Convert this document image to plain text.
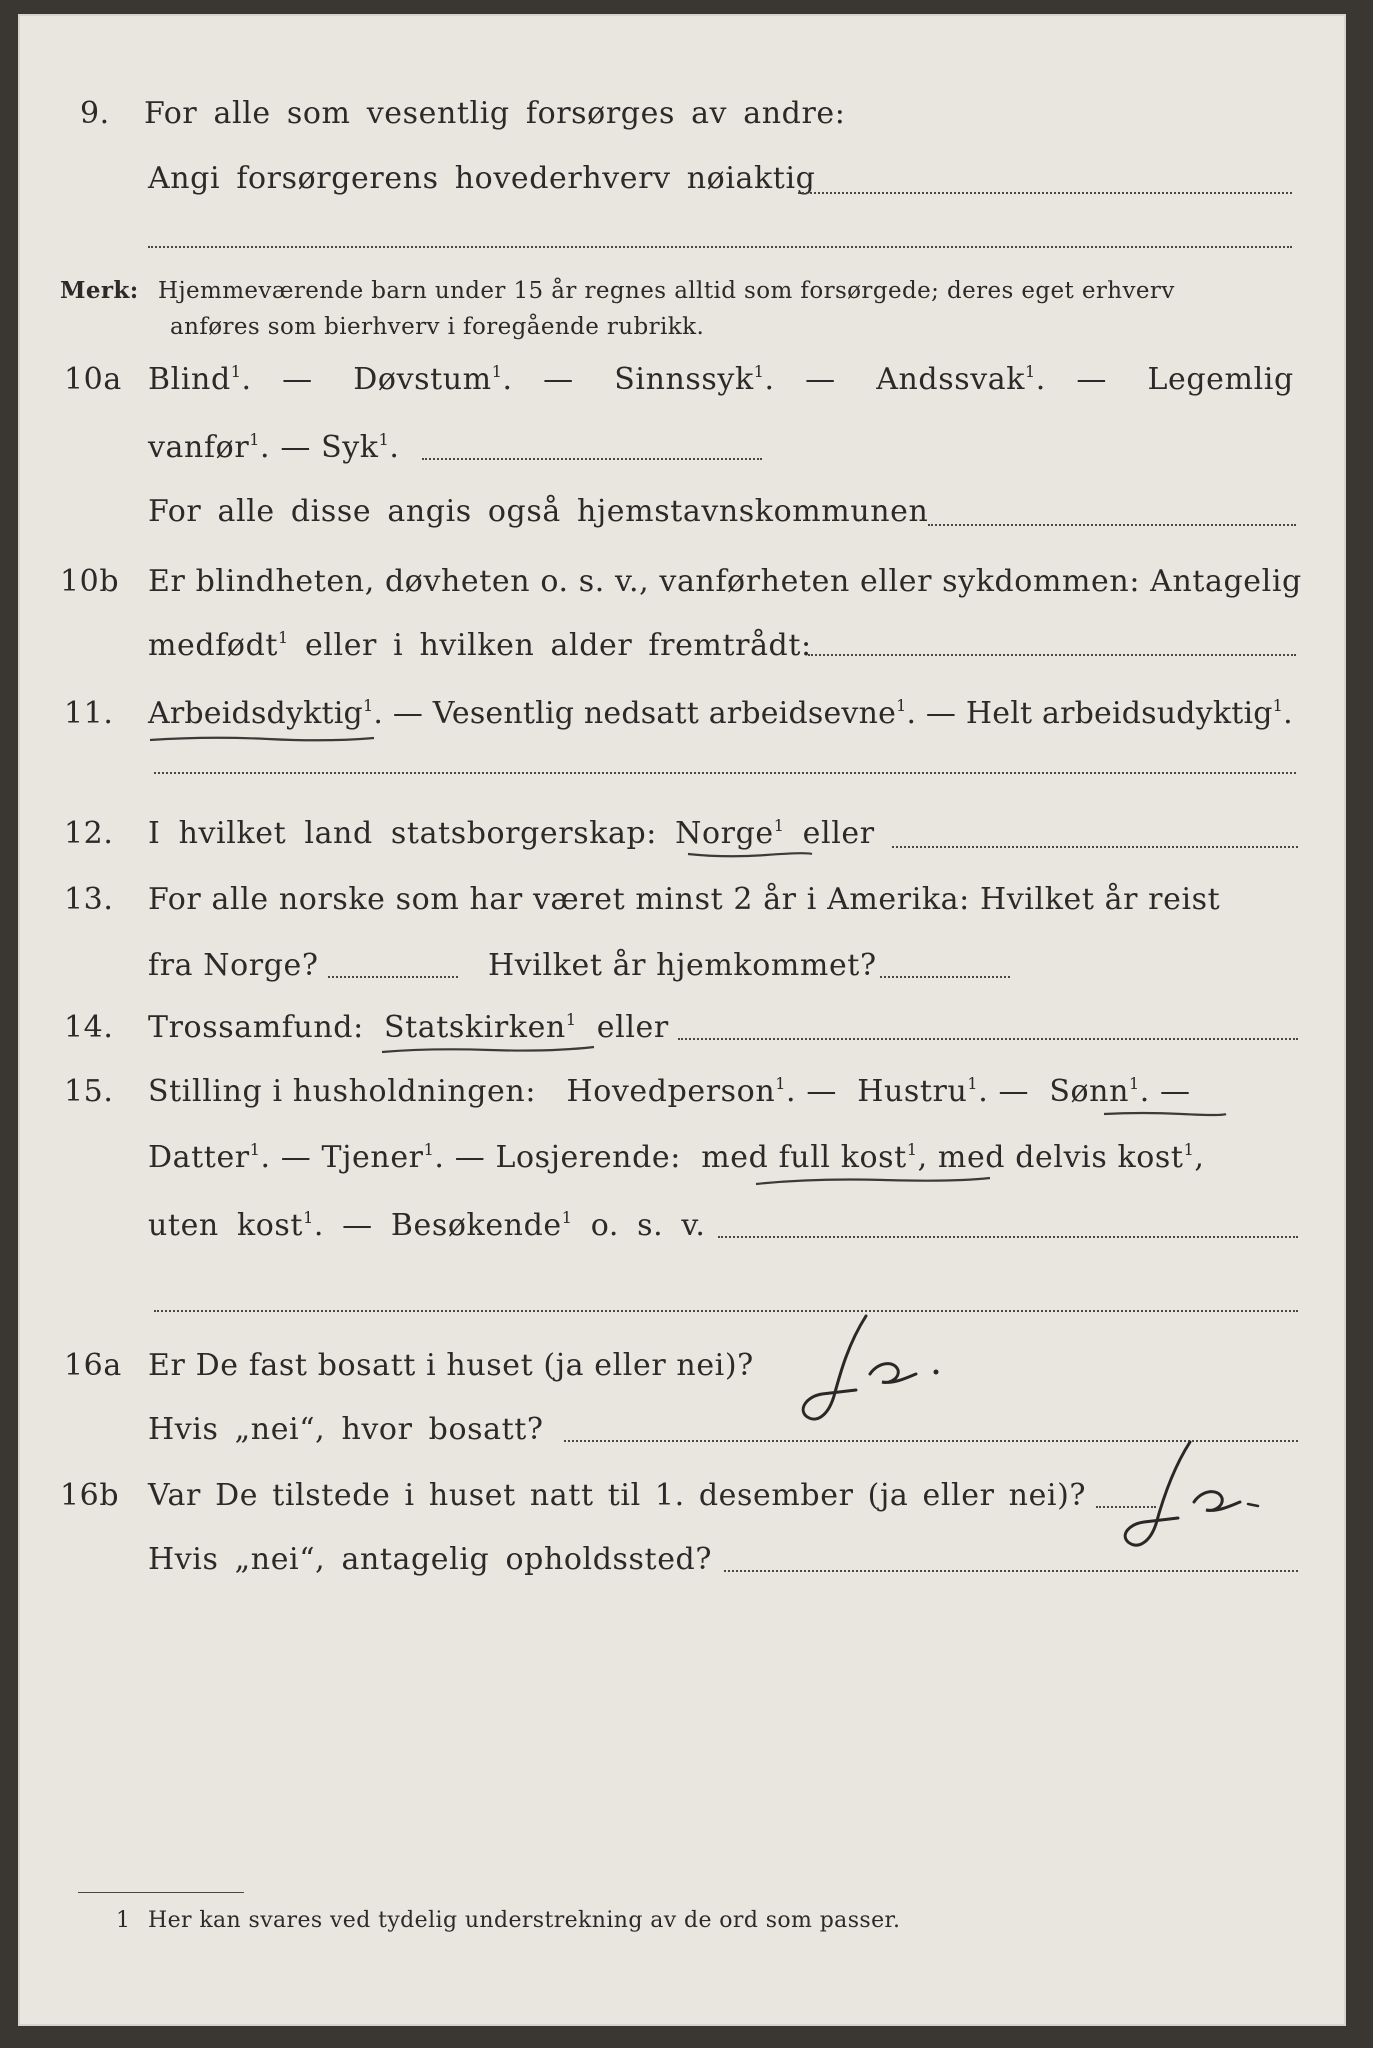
9. For alle som vesentlig forsørges av andre:
Angi forsørgerens hovederhverv nøiaktig
Merk: Hjemmeværende barn under 15 år regnes alltid som forsørgede; deres eget erhverv
anføres som bierhverv i foregående rubrikk.
10a Blind$^1$.   — Døvstum$^1$.   — Sinnssyk$^1$.   — Andssvak$^1$.   — Legemlig
vanfør$^1$. — Syk$^1$.
For alle disse angis også hjemstavnskommunen
10b Er blindheten, døvheten o. s. v., vanførheten eller sykdommen: Antagelig
medfødt$^1$ eller i hvilken alder fremtrådt:
11. Arbeidsdyktig$^1$. — Vesentlig nedsatt arbeidsevne$^1$. — Helt arbeidsudyktig$^1$.
12. I hvilket land statsborgerskap: Norge$^1$ eller
13. For alle norske som har været minst 2 år i Amerika: Hvilket år reist
fra Norge?	Hvilket år hjemkommet?
14. Trossamfund: Statskirken$^1$ eller
15. Stilling i husholdningen: Hovedperson$^1$. —  Hustru$^1$. —  Sønn$^1$. —
Datter$^1$. — Tjener$^1$. — Losjerende: med full kost$^1$, med delvis kost$^1$,
uten kost$^1$. — Besøkende$^1$ o. s. v.
16a Er De fast bosatt i huset (ja eller nei)?
Hvis „nei“, hvor bosatt?
16b Var De tilstede i huset natt til 1. desember (ja eller nei)?
Hvis „nei“, antagelig opholdssted?
1 Her kan svares ved tydelig understrekning av de ord som passer.
